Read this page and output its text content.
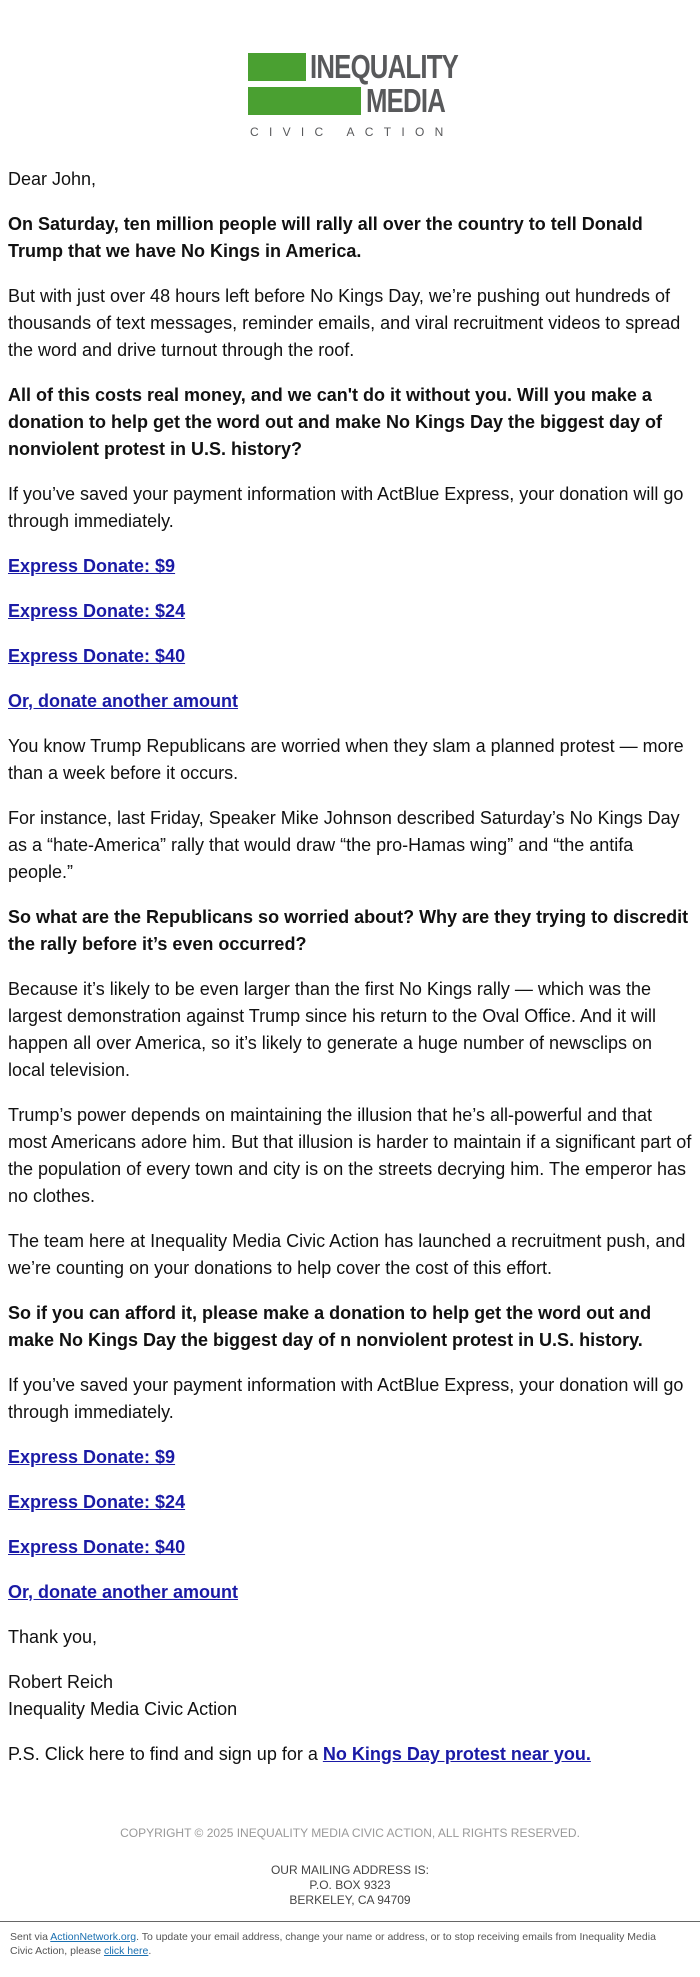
INEQUALITY
MEDIA
CIVIC ACTION

Dear John,

On Saturday, ten million people will rally all over the country to tell Donald Trump that we have No Kings in America.

But with just over 48 hours left before No Kings Day, we’re pushing out hundreds of thousands of text messages, reminder emails, and viral recruitment videos to spread the word and drive turnout through the roof.

All of this costs real money, and we can't do it without you. Will you make a donation to help get the word out and make No Kings Day the biggest day of nonviolent protest in U.S. history?

If you’ve saved your payment information with ActBlue Express, your donation will go through immediately.

Express Donate: $9

Express Donate: $24

Express Donate: $40

Or, donate another amount

You know Trump Republicans are worried when they slam a planned protest — more than a week before it occurs.

For instance, last Friday, Speaker Mike Johnson described Saturday’s No Kings Day as a “hate-America” rally that would draw “the pro-Hamas wing” and “the antifa people.”

So what are the Republicans so worried about? Why are they trying to discredit the rally before it’s even occurred?

Because it’s likely to be even larger than the first No Kings rally — which was the largest demonstration against Trump since his return to the Oval Office. And it will happen all over America, so it’s likely to generate a huge number of newsclips on local television.

Trump’s power depends on maintaining the illusion that he’s all-powerful and that most Americans adore him. But that illusion is harder to maintain if a significant part of the population of every town and city is on the streets decrying him. The emperor has no clothes.

The team here at Inequality Media Civic Action has launched a recruitment push, and we’re counting on your donations to help cover the cost of this effort.

So if you can afford it, please make a donation to help get the word out and make No Kings Day the biggest day of n nonviolent protest in U.S. history.

If you’ve saved your payment information with ActBlue Express, your donation will go through immediately.

Express Donate: $9

Express Donate: $24

Express Donate: $40

Or, donate another amount

Thank you,

Robert Reich
Inequality Media Civic Action

P.S. Click here to find and sign up for a No Kings Day protest near you.

COPYRIGHT © 2025 INEQUALITY MEDIA CIVIC ACTION, ALL RIGHTS RESERVED.
OUR MAILING ADDRESS IS:
P.O. BOX 9323
BERKELEY, CA 94709
Sent via ActionNetwork.org. To update your email address, change your name or address, or to stop receiving emails from Inequality Media Civic Action, please click here.
